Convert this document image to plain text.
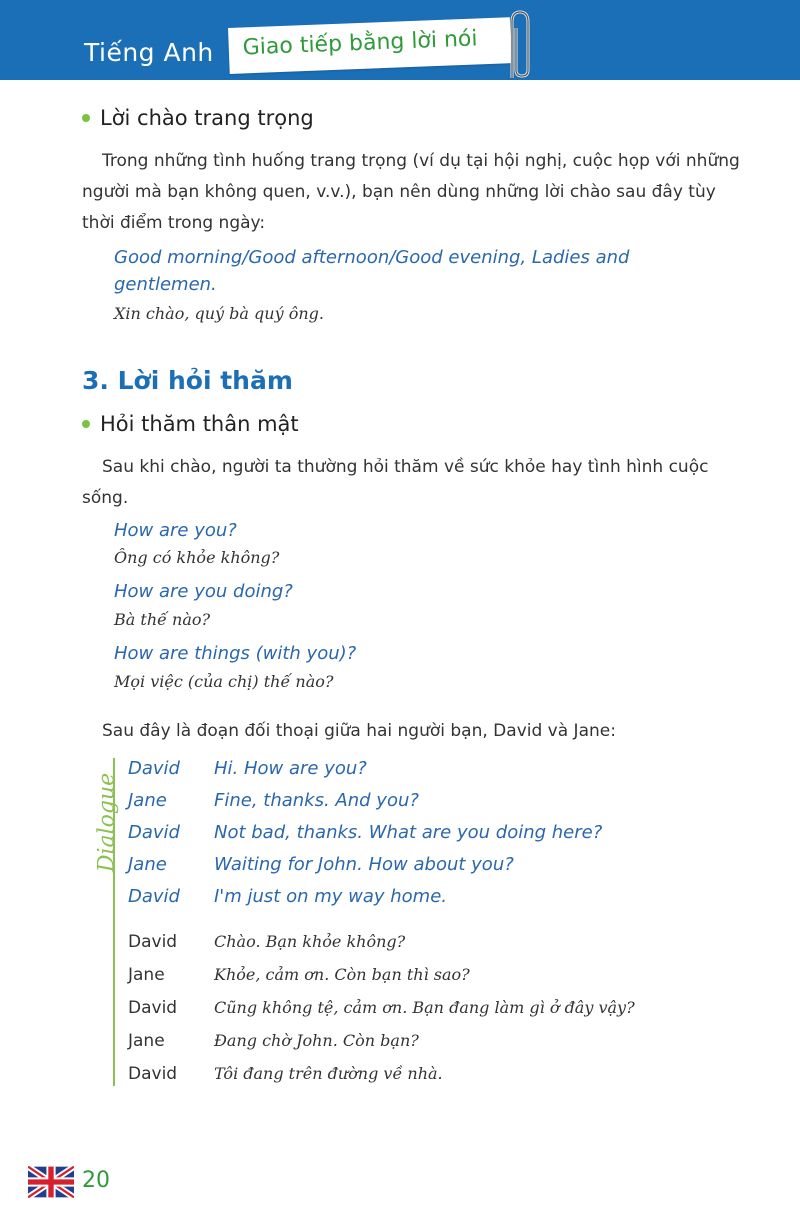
Tiếng Anh Giao tiếp bằng lời nói
Lời chào trang trọng

Trong những tình huống trang trọng (ví dụ tại hội nghị, cuộc họp với những người mà bạn không quen, v.v.), bạn nên dùng những lời chào sau đây tùy thời điểm trong ngày:

Good morning/Good afternoon/Good evening, Ladies and gentlemen.
Xin chào, quý bà quý ông.
3. Lời hỏi thăm
Hỏi thăm thân mật

Sau khi chào, người ta thường hỏi thăm về sức khỏe hay tình hình cuộc sống.

How are you?
Ông có khỏe không?
How are you doing?
Bà thế nào?
How are things (with you)?
Mọi việc (của chị) thế nào?
Sau đây là đoạn đối thoại giữa hai người bạn, David và Jane:
Dialogue
David Hi. How are you?
Jane	Fine, thanks. And you?
David Not bad, thanks. What are you doing here?
Jane	Waiting for John. How about you?
David I'm just on my way home.
David Chào. Bạn khỏe không?
Jane	Khỏe, cảm ơn. Còn bạn thì sao?
David Cũng không tệ, cảm ơn. Bạn đang làm gì ở đây vậy?
Jane	Đang chờ John. Còn bạn?
David Tôi đang trên đường về nhà.
20
